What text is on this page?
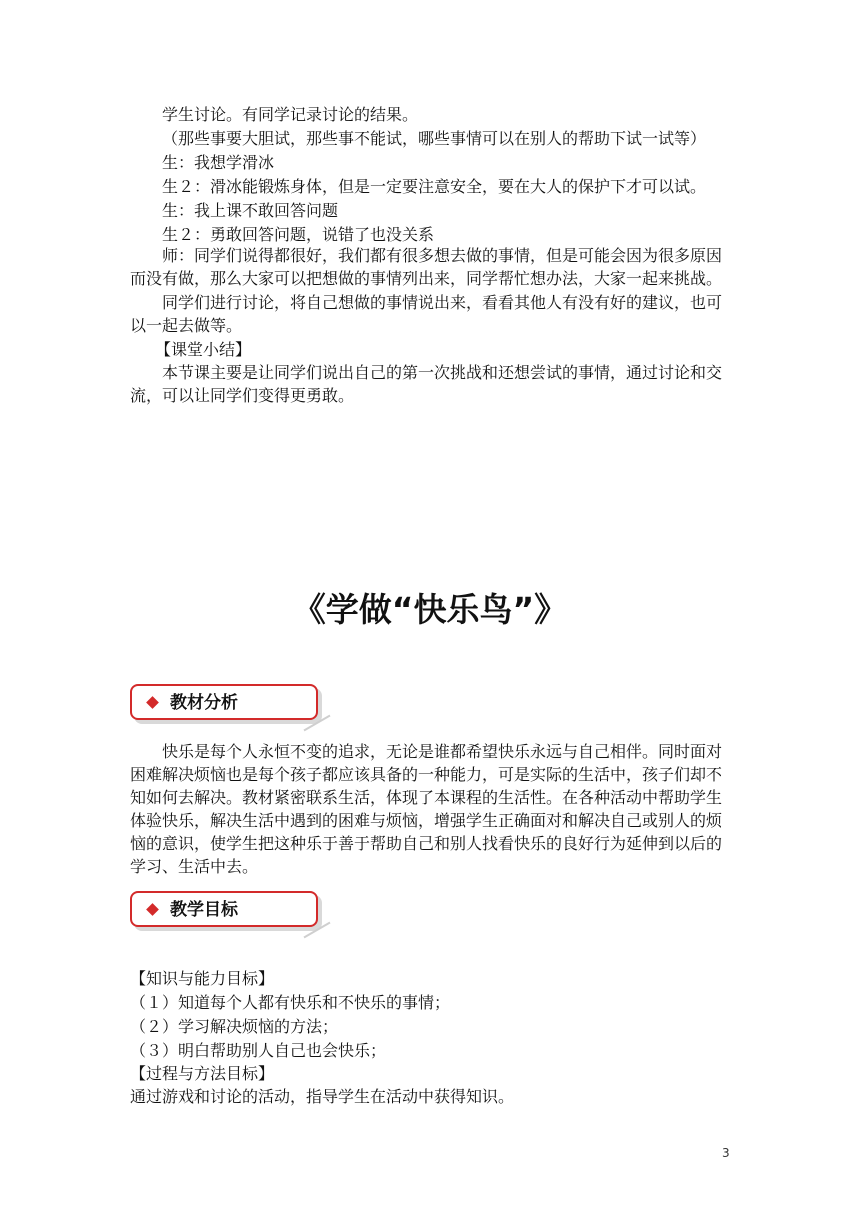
学生讨论。有同学记录讨论的结果。

（那些事要大胆试，那些事不能试，哪些事情可以在别人的帮助下试一试等）

生：我想学滑冰

生２：滑冰能锻炼身体，但是一定要注意安全，要在大人的保护下才可以试。

生：我上课不敢回答问题

生２：勇敢回答问题，说错了也没关系

师：同学们说得都很好，我们都有很多想去做的事情，但是可能会因为很多原因而没有做，那么大家可以把想做的事情列出来，同学帮忙想办法，大家一起来挑战。

同学们进行讨论，将自己想做的事情说出来，看看其他人有没有好的建议，也可以一起去做等。

【课堂小结】

本节课主要是让同学们说出自己的第一次挑战和还想尝试的事情，通过讨论和交流，可以让同学们变得更勇敢。

《学做“快乐鸟”》
教材分析

快乐是每个人永恒不变的追求，无论是谁都希望快乐永远与自己相伴。同时面对困难解决烦恼也是每个孩子都应该具备的一种能力，可是实际的生活中，孩子们却不知如何去解决。教材紧密联系生活，体现了本课程的生活性。在各种活动中帮助学生体验快乐，解决生活中遇到的困难与烦恼，增强学生正确面对和解决自己或别人的烦恼的意识，使学生把这种乐于善于帮助自己和别人找看快乐的良好行为延伸到以后的学习、生活中去。

教学目标

【知识与能力目标】

（１）知道每个人都有快乐和不快乐的事情；

（２）学习解决烦恼的方法；

（３）明白帮助别人自己也会快乐；

【过程与方法目标】

通过游戏和讨论的活动，指导学生在活动中获得知识。

3
